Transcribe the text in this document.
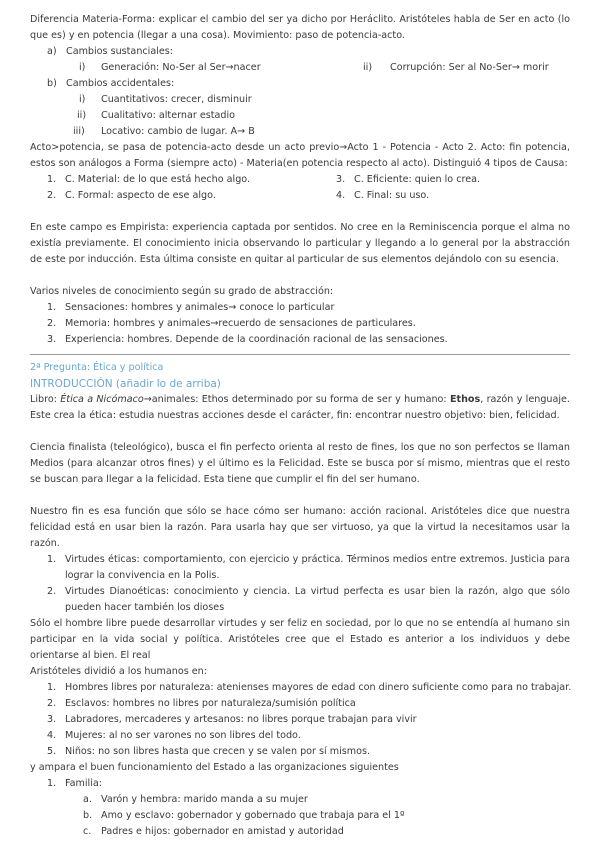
Diferencia Materia-Forma: explicar el cambio del ser ya dicho por Heráclito. Aristóteles habla de Ser en acto (lo que es) y en potencia (llegar a una cosa). Movimiento: paso de potencia-acto.

a) Cambios sustanciales:
i) Generación: No-Ser al Ser→nacer	ii) Corrupción: Ser al No-Ser→ morir
b) Cambios accidentales:
i) Cuantitativos: crecer, disminuir
ii) Cualitativo: alternar estadio
iii) Locativo: cambio de lugar. A→ B

Acto>potencia, se pasa de potencia-acto desde un acto previo→Acto 1 - Potencia - Acto 2. Acto: fin potencia, estos son análogos a Forma (siempre acto) - Materia(en potencia respecto al acto). Distinguió 4 tipos de Causa:

1. C. Material: de lo que está hecho algo.	3. C. Eficiente: quien lo crea.
2. C. Formal: aspecto de ese algo.	4. C. Final: su uso.

En este campo es Empirista: experiencia captada por sentidos. No cree en la Reminiscencia porque el alma no existía previamente. El conocimiento inicia observando lo particular y llegando a lo general por la abstracción de este por inducción. Esta última consiste en quitar al particular de sus elementos dejándolo con su esencia.

Varios niveles de conocimiento según su grado de abstracción:

1. Sensaciones: hombres y animales→ conoce lo particular
2. Memoria: hombres y animales→recuerdo de sensaciones de particulares.
3. Experiencia: hombres. Depende de la coordinación racional de las sensaciones.

2ª Pregunta: Ética y política

INTRODUCCIÓN (añadir lo de arriba)

Libro: Ética a Nicómaco→animales: Ethos determinado por su forma de ser y humano: Ethos, razón y lenguaje. Este crea la ética: estudia nuestras acciones desde el carácter, fin: encontrar nuestro objetivo: bien, felicidad.

Ciencia finalista (teleológico), busca el fin perfecto orienta al resto de fines, los que no son perfectos se llaman Medios (para alcanzar otros fines) y el último es la Felicidad. Este se busca por sí mismo, mientras que el resto se buscan para llegar a la felicidad. Esta tiene que cumplir el fin del ser humano.

Nuestro fin es esa función que sólo se hace cómo ser humano: acción racional. Aristóteles dice que nuestra felicidad está en usar bien la razón. Para usarla hay que ser virtuoso, ya que la virtud la necesitamos usar la razón.

1. Virtudes éticas: comportamiento, con ejercicio y práctica. Términos medios entre extremos. Justicia para lograr la convivencia en la Polis.
2. Virtudes Dianoéticas: conocimiento y ciencia. La virtud perfecta es usar bien la razón, algo que sólo pueden hacer también los dioses

Sólo el hombre libre puede desarrollar virtudes y ser feliz en sociedad, por lo que no se entendía al humano sin participar en la vida social y política. Aristóteles cree que el Estado es anterior a los individuos y debe orientarse al bien. El real

Aristóteles dividió a los humanos en:

1. Hombres libres por naturaleza: atenienses mayores de edad con dinero suficiente como para no trabajar.
2. Esclavos: hombres no libres por naturaleza/sumisión política
3. Labradores, mercaderes y artesanos: no libres porque trabajan para vivir
4. Mujeres: al no ser varones no son libres del todo.
5. Niños: no son libres hasta que crecen y se valen por sí mismos.

y ampara el buen funcionamiento del Estado a las organizaciones siguientes

1. Familia:
a. Varón y hembra: marido manda a su mujer
b. Amo y esclavo: gobernador y gobernado que trabaja para el 1º
c. Padres e hijos: gobernador en amistad y autoridad
